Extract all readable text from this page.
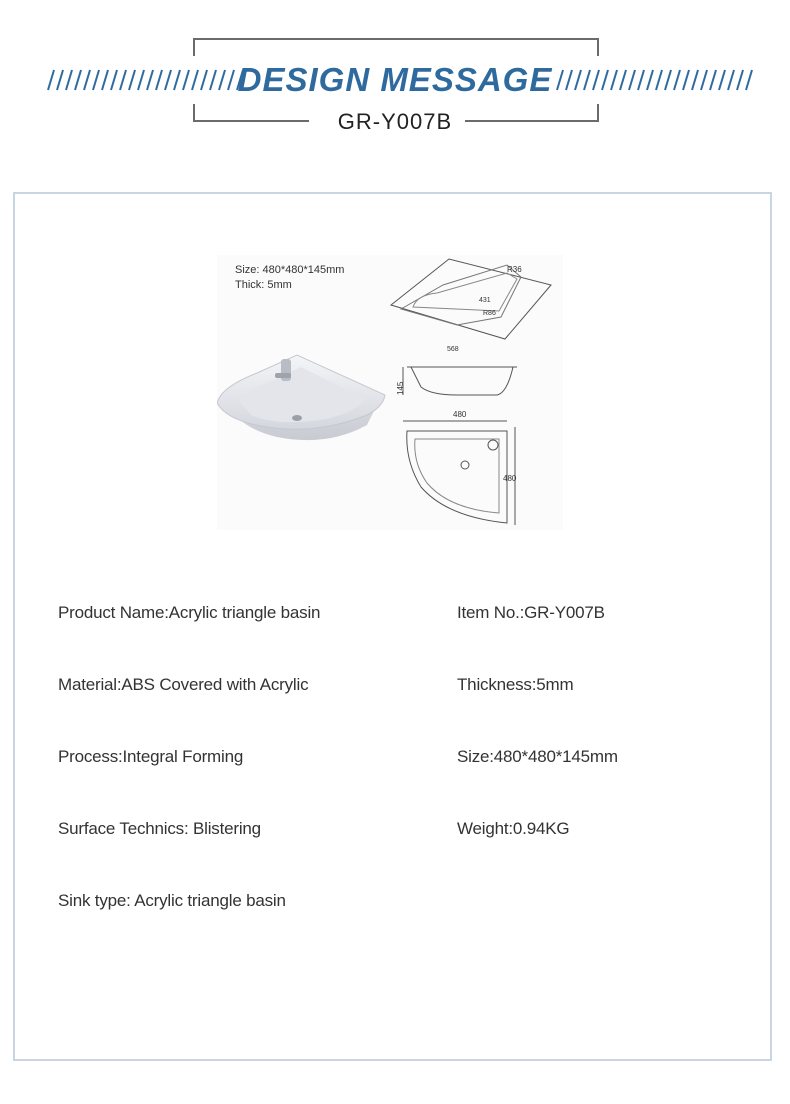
DESIGN MESSAGE
GR-Y007B
Size: 480*480*145mm
Thick: 5mm
R36
431
R86
568
145
480
480
Product Name:Acrylic triangle basin
Material:ABS Covered with Acrylic
Process:Integral Forming
Surface Technics: Blistering
Sink type: Acrylic triangle basin
Item No.:GR-Y007B
Thickness:5mm
Size:480*480*145mm
Weight:0.94KG
